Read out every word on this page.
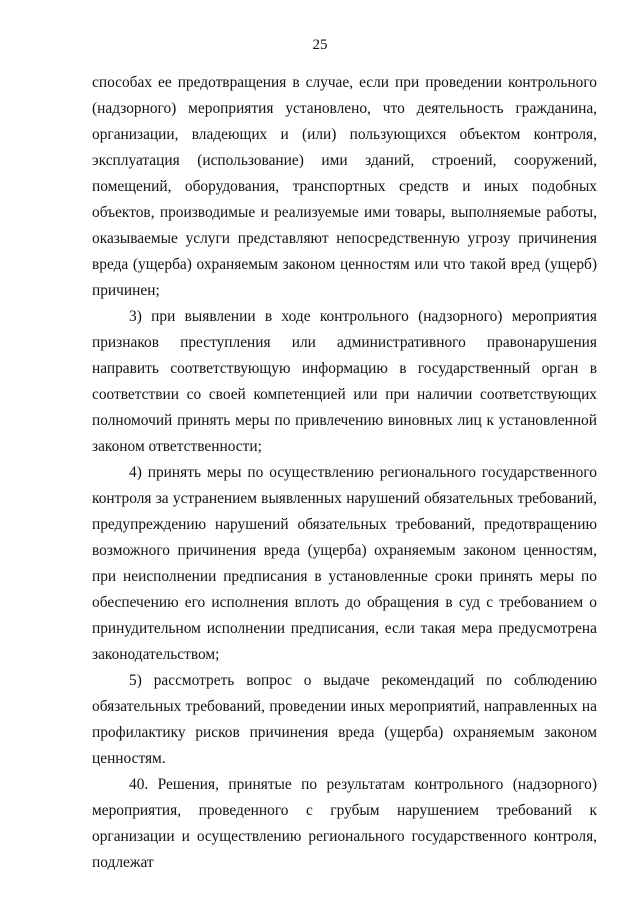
25

способах ее предотвращения в случае, если при проведении контрольного (надзорного) мероприятия установлено, что деятельность гражданина, организации, владеющих и (или) пользующихся объектом контроля, эксплуатация (использование) ими зданий, строений, сооружений, помещений, оборудования, транспортных средств и иных подобных объектов, производимые и реализуемые ими товары, выполняемые работы, оказываемые услуги представляют непосредственную угрозу причинения вреда (ущерба) охраняемым законом ценностям или что такой вред (ущерб) причинен;

3) при выявлении в ходе контрольного (надзорного) мероприятия признаков преступления или административного правонарушения направить соответствующую информацию в государственный орган в соответствии со своей компетенцией или при наличии соответствующих полномочий принять меры по привлечению виновных лиц к установленной законом ответственности;

4) принять меры по осуществлению регионального государственного контроля за устранением выявленных нарушений обязательных требований, предупреждению нарушений обязательных требований, предотвращению возможного причинения вреда (ущерба) охраняемым законом ценностям, при неисполнении предписания в установленные сроки принять меры по обеспечению его исполнения вплоть до обращения в суд с требованием о принудительном исполнении предписания, если такая мера предусмотрена законодательством;

5) рассмотреть вопрос о выдаче рекомендаций по соблюдению обязательных требований, проведении иных мероприятий, направленных на профилактику рисков причинения вреда (ущерба) охраняемым законом ценностям.

40. Решения, принятые по результатам контрольного (надзорного) мероприятия, проведенного с грубым нарушением требований к организации и осуществлению регионального государственного контроля, подлежат
